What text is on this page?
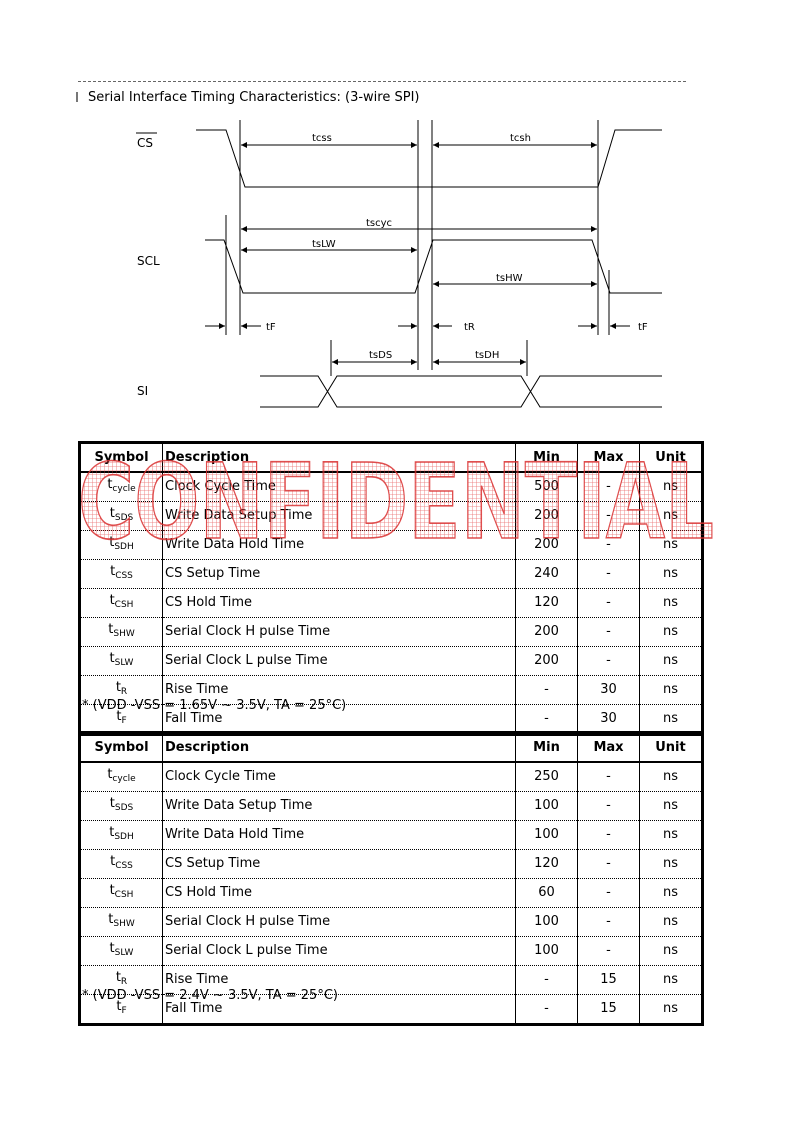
Serial Interface Timing Characteristics: (3-wire SPI)
CS
SCL
SI
tcss	tcsh
tscyc
tsLW
tsHW
tF	tR	tF
tsDS	tsDH
Symbol	Description	Min	Max	Unit
$t_{cycle}$	Clock Cycle Time	500	-	ns
$t_{SDS}$	Write Data Setup Time	200	-	ns
$t_{SDH}$	Write Data Hold Time	200	-	ns
$t_{CSS}$	CS Setup Time	240	-	ns
$t_{CSH}$	CS Hold Time	120	-	ns
$t_{SHW}$	Serial Clock H pulse Time	200	-	ns
$t_{SLW}$	Serial Clock L pulse Time	200	-	ns
$t_R$	Rise Time	-	30	ns
$t_F$	Fall Time	-	30	ns
* (VDD -VSS = 1.65V ~ 3.5V, TA = 25°C)
Symbol	Description	Min	Max	Unit
$t_{cycle}$	Clock Cycle Time	250	-	ns
$t_{SDS}$	Write Data Setup Time	100	-	ns
$t_{SDH}$	Write Data Hold Time	100	-	ns
$t_{CSS}$	CS Setup Time	120	-	ns
$t_{CSH}$	CS Hold Time	60	-	ns
$t_{SHW}$	Serial Clock H pulse Time	100	-	ns
$t_{SLW}$	Serial Clock L pulse Time	100	-	ns
$t_R$	Rise Time	-	15	ns
$t_F$	Fall Time	-	15	ns
* (VDD -VSS = 2.4V ~ 3.5V, TA = 25°C)
CONFIDENTIAL
